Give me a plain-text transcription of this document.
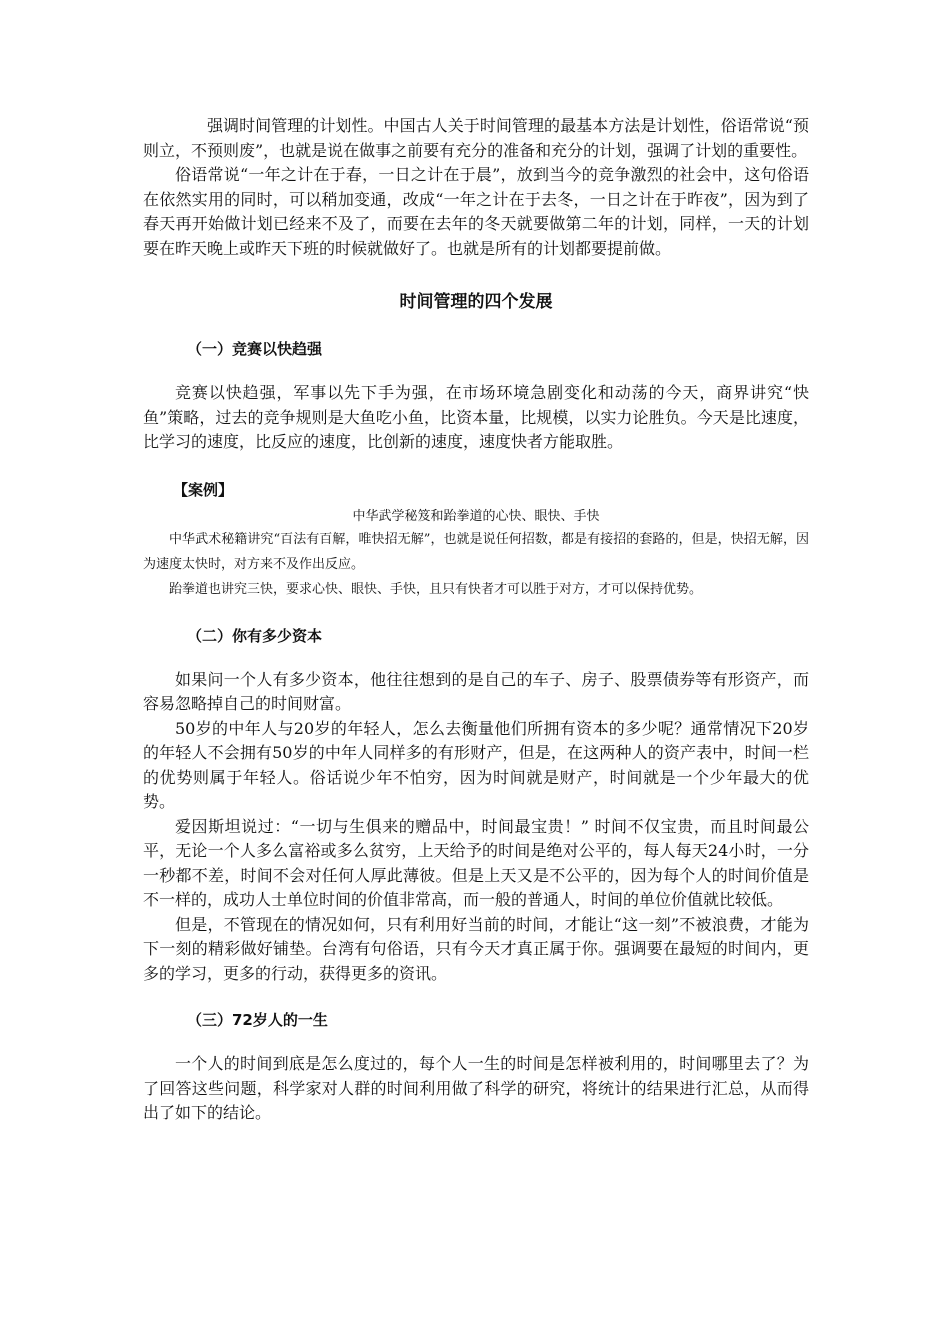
强调时间管理的计划性。中国古人关于时间管理的最基本方法是计划性，俗语常说“预则立，不预则废”，也就是说在做事之前要有充分的准备和充分的计划，强调了计划的重要性。

俗语常说“一年之计在于春，一日之计在于晨”，放到当今的竞争激烈的社会中，这句俗语在依然实用的同时，可以稍加变通，改成“一年之计在于去冬，一日之计在于昨夜”，因为到了春天再开始做计划已经来不及了，而要在去年的冬天就要做第二年的计划，同样，一天的计划要在昨天晚上或昨天下班的时候就做好了。也就是所有的计划都要提前做。

时间管理的四个发展

（一）竞赛以快趋强

竞赛以快趋强，军事以先下手为强，在市场环境急剧变化和动荡的今天，商界讲究“快鱼”策略，过去的竞争规则是大鱼吃小鱼，比资本量，比规模，以实力论胜负。今天是比速度，比学习的速度，比反应的速度，比创新的速度，速度快者方能取胜。

【案例】

中华武学秘笈和跆拳道的心快、眼快、手快

中华武术秘籍讲究“百法有百解，唯快招无解”，也就是说任何招数，都是有接招的套路的，但是，快招无解，因为速度太快时，对方来不及作出反应。

跆拳道也讲究三快，要求心快、眼快、手快，且只有快者才可以胜于对方，才可以保持优势。

（二）你有多少资本

如果问一个人有多少资本，他往往想到的是自己的车子、房子、股票债券等有形资产，而容易忽略掉自己的时间财富。

50岁的中年人与20岁的年轻人，怎么去衡量他们所拥有资本的多少呢？通常情况下20岁的年轻人不会拥有50岁的中年人同样多的有形财产，但是，在这两种人的资产表中，时间一栏的优势则属于年轻人。俗话说少年不怕穷，因为时间就是财产，时间就是一个少年最大的优势。

爱因斯坦说过：“一切与生俱来的赠品中，时间最宝贵！” 时间不仅宝贵，而且时间最公平，无论一个人多么富裕或多么贫穷，上天给予的时间是绝对公平的，每人每天24小时，一分一秒都不差，时间不会对任何人厚此薄彼。但是上天又是不公平的，因为每个人的时间价值是不一样的，成功人士单位时间的价值非常高，而一般的普通人，时间的单位价值就比较低。

但是，不管现在的情况如何，只有利用好当前的时间，才能让“这一刻”不被浪费，才能为下一刻的精彩做好铺垫。台湾有句俗语，只有今天才真正属于你。强调要在最短的时间内，更多的学习，更多的行动，获得更多的资讯。

（三）72岁人的一生

一个人的时间到底是怎么度过的，每个人一生的时间是怎样被利用的，时间哪里去了？为了回答这些问题，科学家对人群的时间利用做了科学的研究，将统计的结果进行汇总，从而得出了如下的结论。
